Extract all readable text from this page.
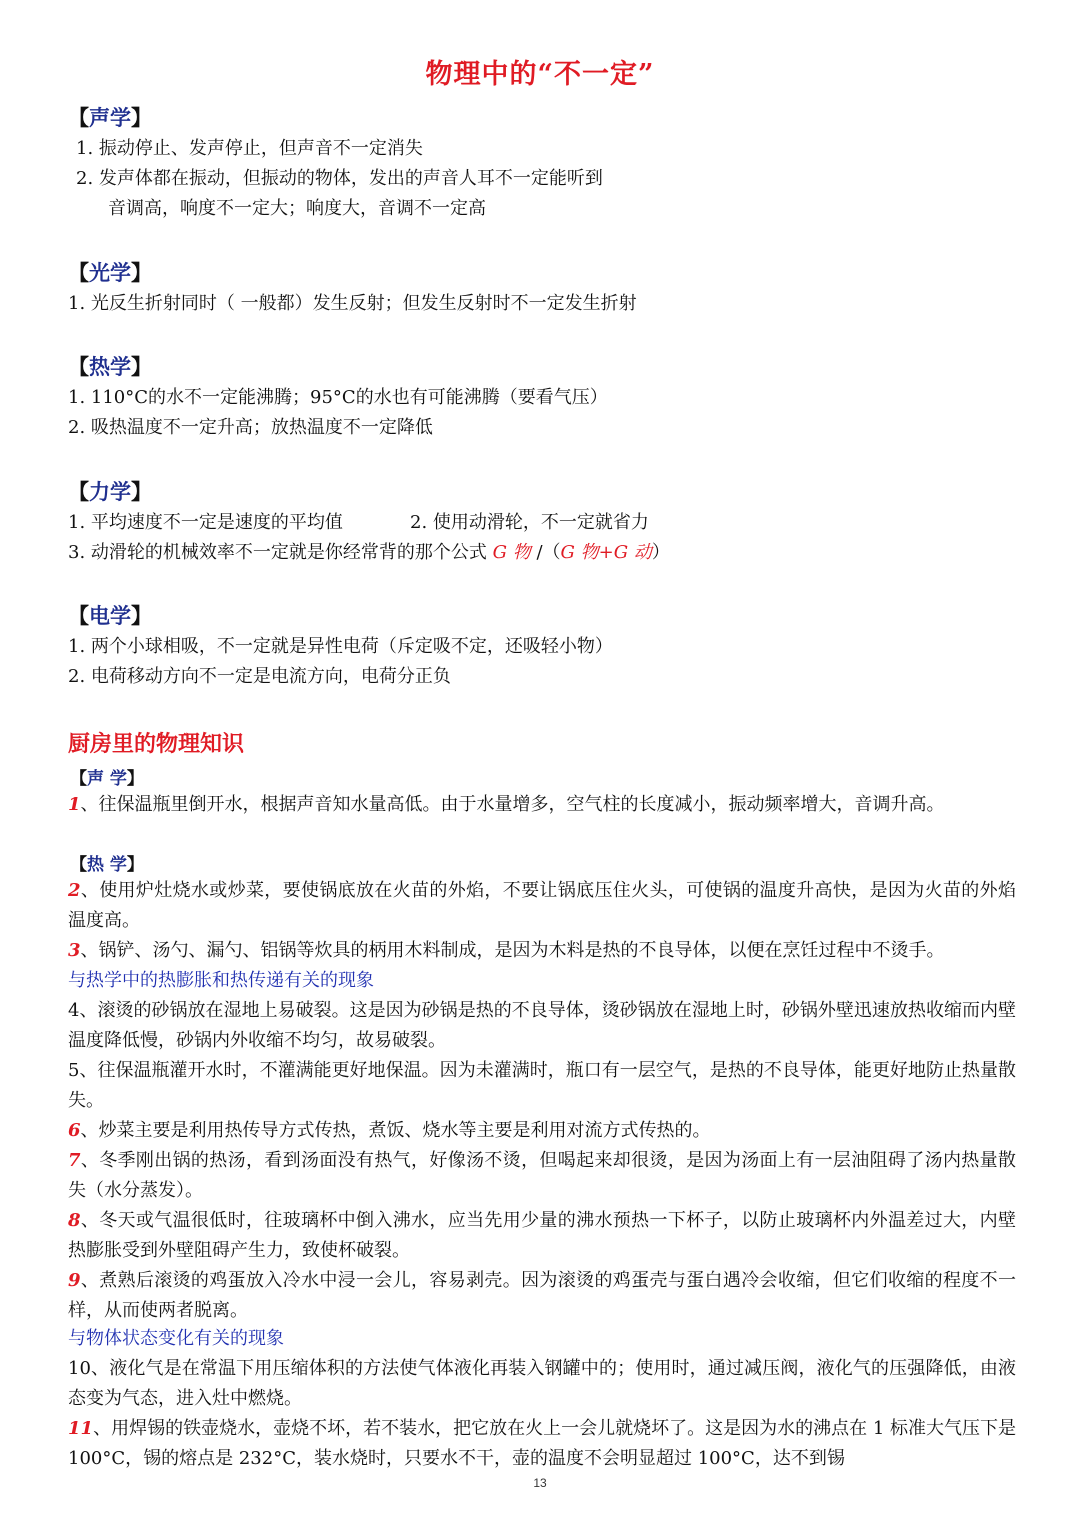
物理中的“不一定”
【声学】
1. 振动停止、发声停止，但声音不一定消失
2. 发声体都在振动，但振动的物体，发出的声音人耳不一定能听到
音调高，响度不一定大；响度大，音调不一定高
【光学】
1. 光反生折射同时（ 一般都）发生反射；但发生反射时不一定发生折射
【热学】
1. 110°C的水不一定能沸腾；95°C的水也有可能沸腾（要看气压）
2. 吸热温度不一定升高；放热温度不一定降低
【力学】
1. 平均速度不一定是速度的平均值	2. 使用动滑轮，不一定就省力
3. 动滑轮的机械效率不一定就是你经常背的那个公式 G 物 /（G 物+G 动）
【电学】
1. 两个小球相吸，不一定就是异性电荷（斥定吸不定，还吸轻小物）
2. 电荷移动方向不一定是电流方向，电荷分正负
厨房里的物理知识
【声 学】
1、往保温瓶里倒开水，根据声音知水量高低。由于水量增多，空气柱的长度减小，振动频率增大，音调升高。
【热 学】
2、使用炉灶烧水或炒菜，要使锅底放在火苗的外焰，不要让锅底压住火头，可使锅的温度升高快，是因为火苗的外焰温度高。
3、锅铲、汤勺、漏勺、铝锅等炊具的柄用木料制成，是因为木料是热的不良导体，以便在烹饪过程中不烫手。
与热学中的热膨胀和热传递有关的现象
4、滚烫的砂锅放在湿地上易破裂。这是因为砂锅是热的不良导体，烫砂锅放在湿地上时，砂锅外壁迅速放热收缩而内壁温度降低慢，砂锅内外收缩不均匀，故易破裂。
5、往保温瓶灌开水时，不灌满能更好地保温。因为未灌满时，瓶口有一层空气，是热的不良导体，能更好地防止热量散失。
6、炒菜主要是利用热传导方式传热，煮饭、烧水等主要是利用对流方式传热的。
7、冬季刚出锅的热汤，看到汤面没有热气，好像汤不烫，但喝起来却很烫，是因为汤面上有一层油阻碍了汤内热量散失（水分蒸发）。
8、冬天或气温很低时，往玻璃杯中倒入沸水，应当先用少量的沸水预热一下杯子，以防止玻璃杯内外温差过大，内壁热膨胀受到外壁阻碍产生力，致使杯破裂。
9、煮熟后滚烫的鸡蛋放入冷水中浸一会儿，容易剥壳。因为滚烫的鸡蛋壳与蛋白遇冷会收缩，但它们收缩的程度不一样，从而使两者脱离。
与物体状态变化有关的现象
10、液化气是在常温下用压缩体积的方法使气体液化再装入钢罐中的；使用时，通过减压阀，液化气的压强降低，由液态变为气态，进入灶中燃烧。
11、用焊锡的铁壶烧水，壶烧不坏，若不装水，把它放在火上一会儿就烧坏了。这是因为水的沸点在 1 标准大气压下是 100°C，锡的熔点是 232°C，装水烧时，只要水不干，壶的温度不会明显超过 100°C，达不到锡
13
